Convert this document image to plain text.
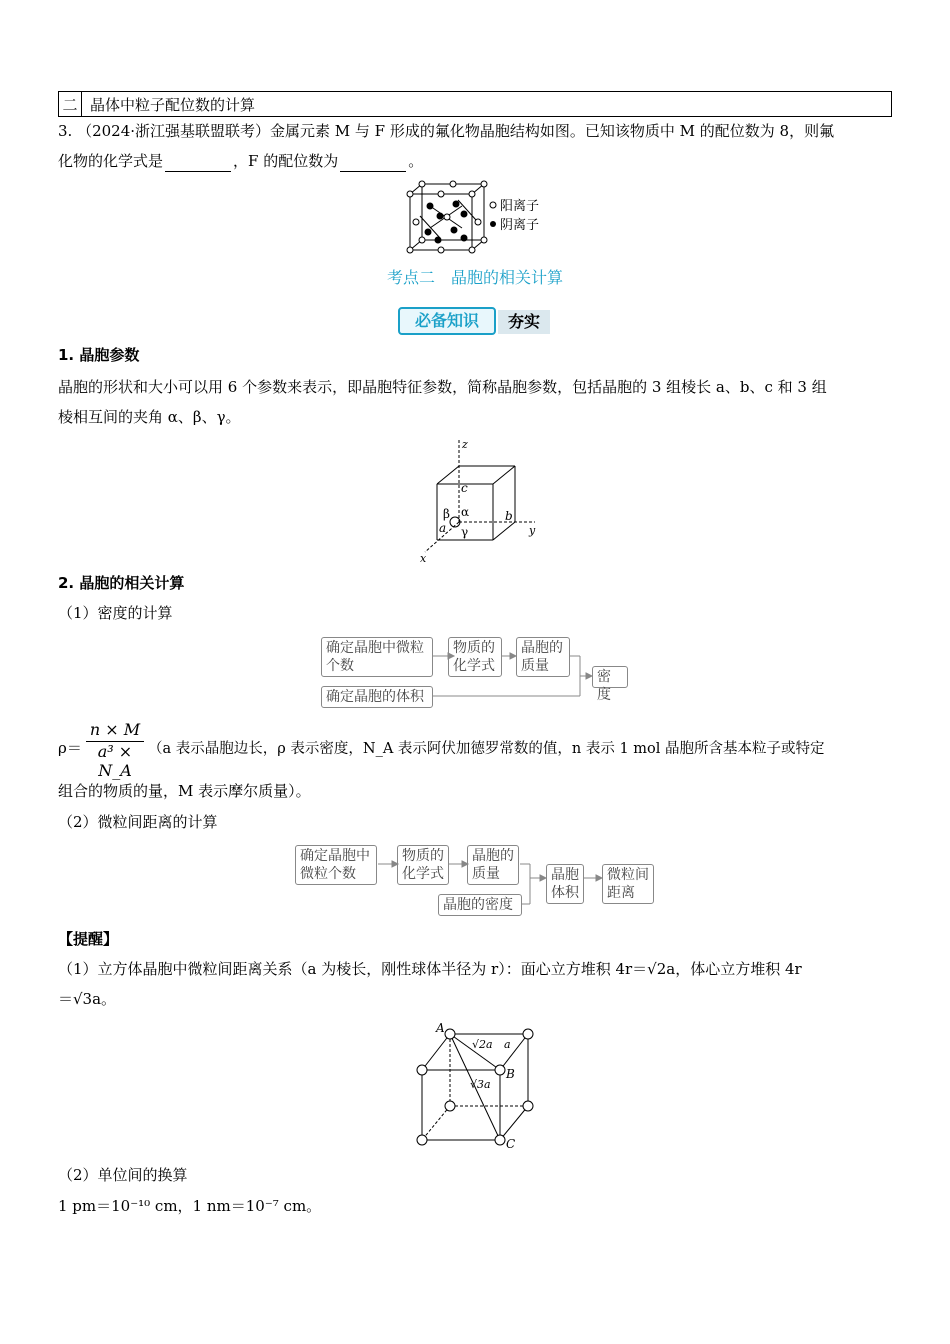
二 晶体中粒子配位数的计算
3. （2024·浙江强基联盟联考）金属元素 M 与 F 形成的氟化物晶胞结构如图。已知该物质中 M 的配位数为 8，则氟
化物的化学式是	，F 的配位数为	。
阳离子
阴离子
考点二　晶胞的相关计算
必备知识	夯实
1. 晶胞参数
晶胞的形状和大小可以用 6 个参数来表示，即晶胞特征参数，简称晶胞参数，包括晶胞的 3 组棱长 a、b、c 和 3 组
棱相互间的夹角 α、β、γ。
z
y
x
c
b
a
α
β
γ
2. 晶胞的相关计算
（1）密度的计算
确定晶胞中微粒个数
物质的化学式
晶胞的质量
确定晶胞的体积
密度
$\rho= \frac{n \times M}{\text{a³ × N\_A}} (a$ 表示晶胞边长，ρ 表示密度，N_A 表示阿伏加德罗常数的值，n 表示 1 mol 晶胞所含基本粒子或特定
组合的物质的量，M 表示摩尔质量）。
（2）微粒间距离的计算
确定晶胞中微粒个数
物质的化学式
晶胞的质量
晶胞的密度
晶胞体积
微粒间距离
【提醒】
（1）立方体晶胞中微粒间距离关系（a 为棱长，刚性球体半径为 r）：面心立方堆积 4r＝√2a，体心立方堆积 4r
＝√3a。
A
B
C
√2a a
√3a
（2）单位间的换算
1 pm＝10⁻¹⁰ cm，1 nm＝10⁻⁷ cm。
